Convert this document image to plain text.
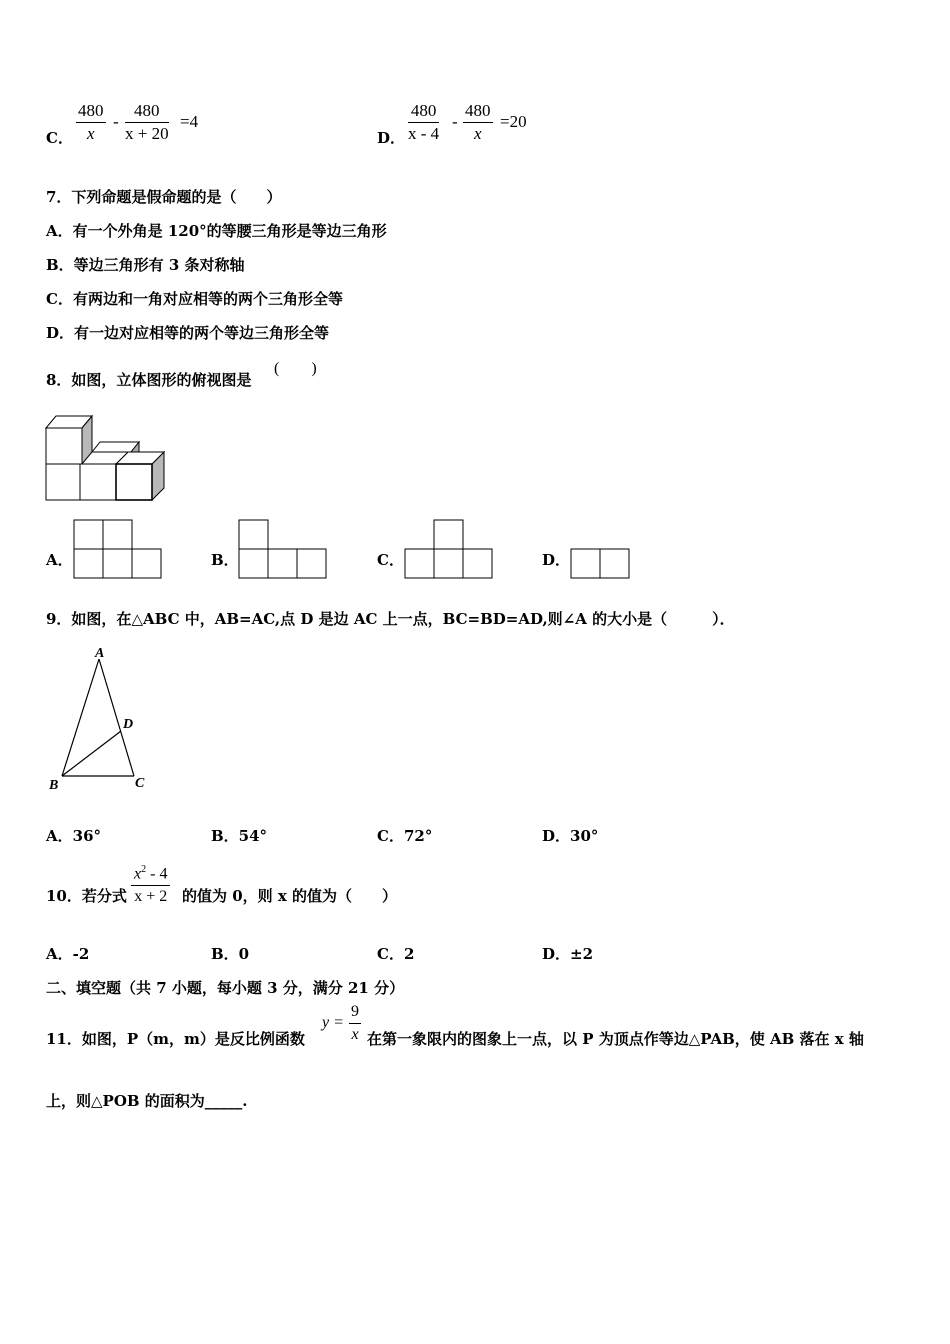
C． $\frac{480}{x} - \frac{480}{x + 20} =4$
D． $\frac{480}{x - 4} - \frac{480}{x} =20$
7．下列命题是假命题的是（　　）
A．有一个外角是 120°的等腰三角形是等边三角形
B．等边三角形有 3 条对称轴
C．有两边和一角对应相等的两个三角形全等
D．有一边对应相等的两个等边三角形全等
8．如图，立体图形的俯视图是
(　　)
A．	B．	C．	D．
9．如图，在△ABC 中，AB=AC,点 D 是边 AC 上一点，BC=BD=AD,则∠A 的大小是（　　　）．
A
D
B	C
A．36°	B．54°	C．72°	D．30°
10．若分式 $\frac{x^2 - 4}{x + 2}$ 的值为 0，则 x 的值为（　　）
A．-2	B．0	C．2	D．±2
二、填空题（共 7 小题，每小题 3 分，满分 21 分）
11．如图，P（m，m）是反比例函数
$y = \frac{9}{x}$ 在第一象限内的图象上一点，以 P 为顶点作等边△PAB，使 AB 落在 x 轴
上，则△POB 的面积为_____.
